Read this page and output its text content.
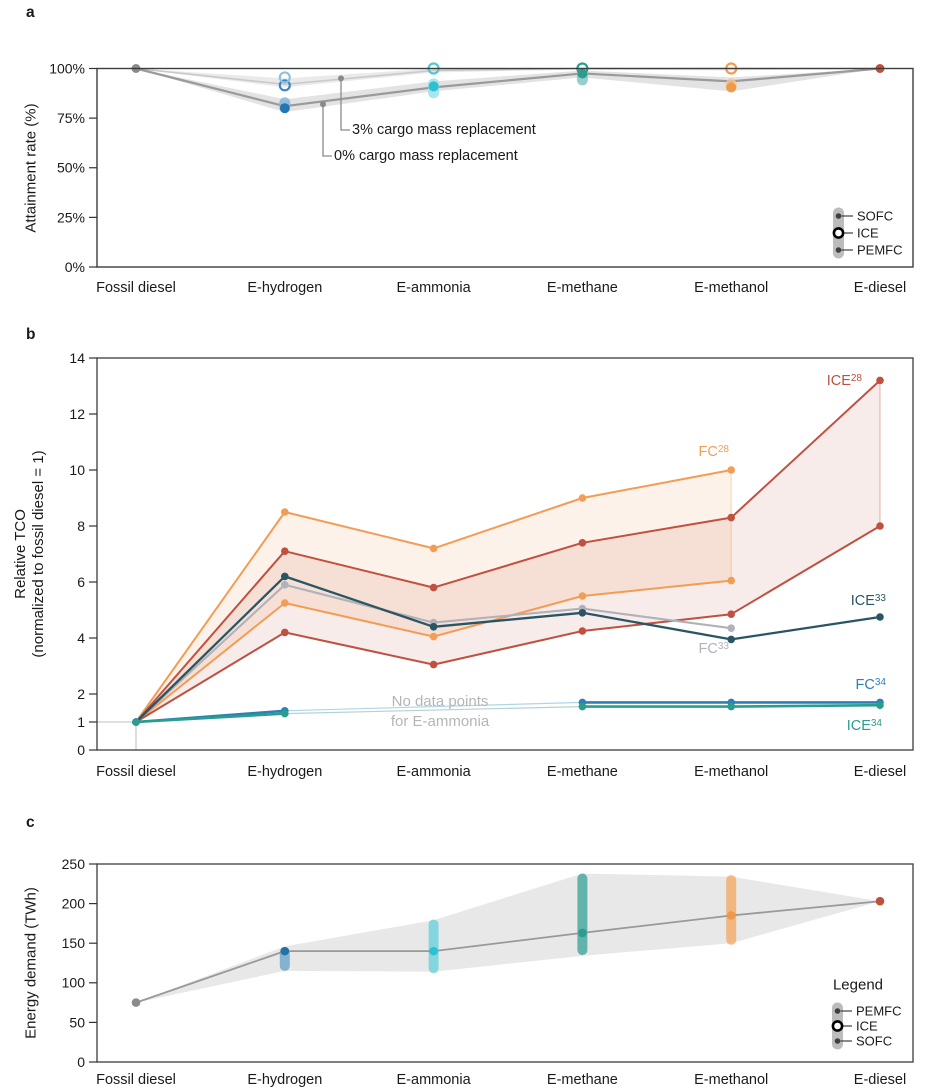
SOFC
ICE
PEMFC
0%
25%
50%
75%
100%
Fossil diesel	E-hydrogen	E-ammonia	E-methane	E-methanol	E-diesel
0
1
2
4
6
8
10
12
14
Fossil diesel	E-hydrogen	E-ammonia	E-methane	E-methanol	E-diesel
PEMFC
ICE
SOFC
0
50
100
150
200
250
Fossil diesel	E-hydrogen	E-ammonia	E-methane	E-methanol	E-diesel
a
b
c
Attainment rate (%)
Relative TCO (normalized to fossil diesel = 1)
Energy demand (TWh)
3% cargo mass replacement
0% cargo mass replacement
ICE$^{28}$
FC$^{28}$
ICE$^{33}$
FC$^{33}$
FC$^{34}$
ICE$^{34}$
No data points
for E-ammonia
Legend
